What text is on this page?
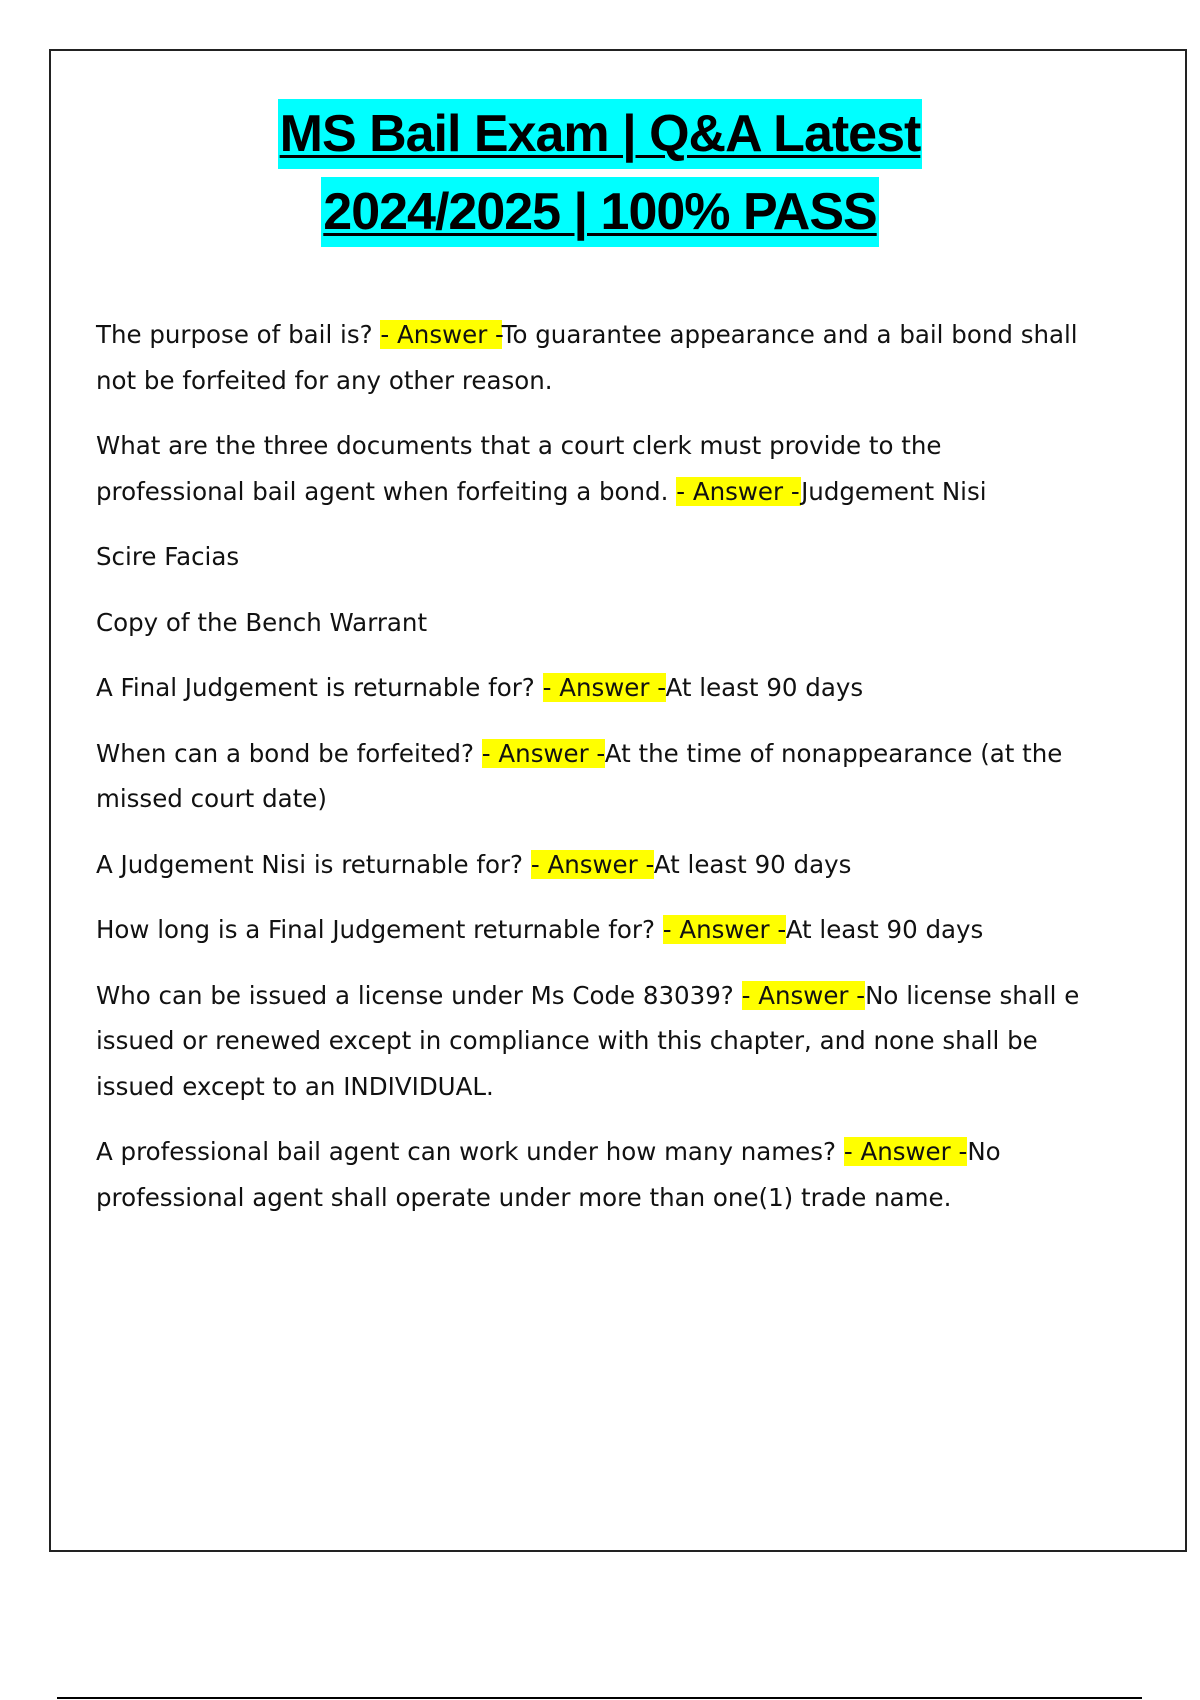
MS Bail Exam | Q&A Latest
2024/2025 | 100% PASS

The purpose of bail is? - Answer -To guarantee appearance and a bail bond shall not be forfeited for any other reason.

What are the three documents that a court clerk must provide to the professional bail agent when forfeiting a bond. - Answer -Judgement Nisi

Scire Facias

Copy of the Bench Warrant

A Final Judgement is returnable for? - Answer -At least 90 days

When can a bond be forfeited? - Answer -At the time of nonappearance (at the missed court date)

A Judgement Nisi is returnable for? - Answer -At least 90 days

How long is a Final Judgement returnable for? - Answer -At least 90 days

Who can be issued a license under Ms Code 83039? - Answer -No license shall e issued or renewed except in compliance with this chapter, and none shall be issued except to an INDIVIDUAL.

A professional bail agent can work under how many names? - Answer -No professional agent shall operate under more than one(1) trade name.
